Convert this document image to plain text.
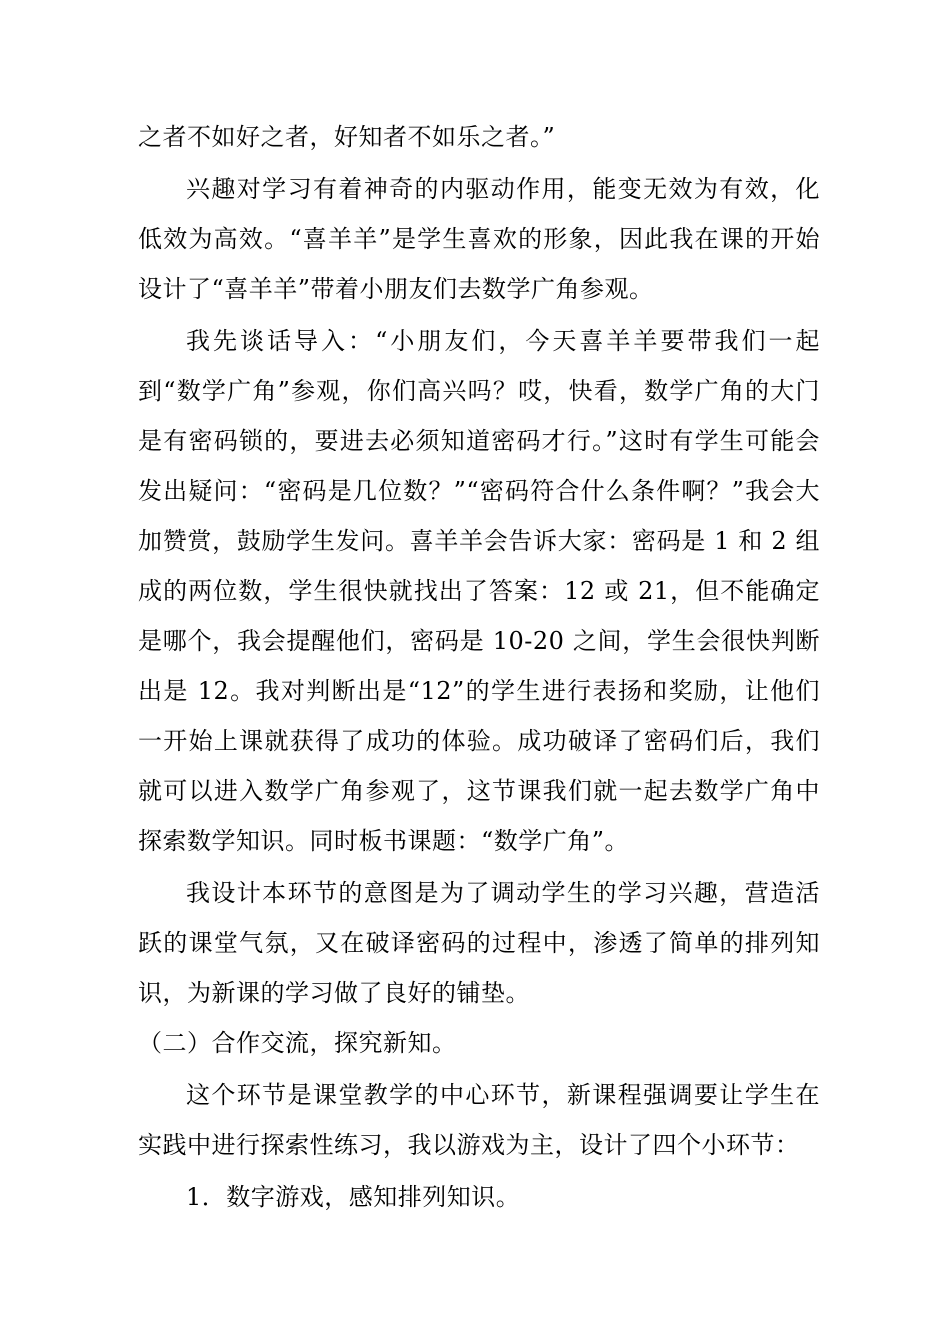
之者不如好之者，好知者不如乐之者。”

兴趣对学习有着神奇的内驱动作用，能变无效为有效，化低效为高效。“喜羊羊”是学生喜欢的形象，因此我在课的开始设计了“喜羊羊”带着小朋友们去数学广角参观。

我先谈话导入：“小朋友们，今天喜羊羊要带我们一起到“数学广角”参观，你们高兴吗？哎，快看，数学广角的大门是有密码锁的，要进去必须知道密码才行。”这时有学生可能会发出疑问：“密码是几位数？”“密码符合什么条件啊？”我会大加赞赏，鼓励学生发问。喜羊羊会告诉大家：密码是 1 和 2 组成的两位数，学生很快就找出了答案：12 或 21，但不能确定是哪个，我会提醒他们，密码是 10-20 之间，学生会很快判断出是 12。我对判断出是“12”的学生进行表扬和奖励，让他们一开始上课就获得了成功的体验。成功破译了密码们后，我们就可以进入数学广角参观了，这节课我们就一起去数学广角中探索数学知识。同时板书课题：“数学广角”。

我设计本环节的意图是为了调动学生的学习兴趣，营造活跃的课堂气氛，又在破译密码的过程中，渗透了简单的排列知识，为新课的学习做了良好的铺垫。

（二）合作交流，探究新知。

这个环节是课堂教学的中心环节，新课程强调要让学生在实践中进行探索性练习，我以游戏为主，设计了四个小环节：

1．数字游戏，感知排列知识。
